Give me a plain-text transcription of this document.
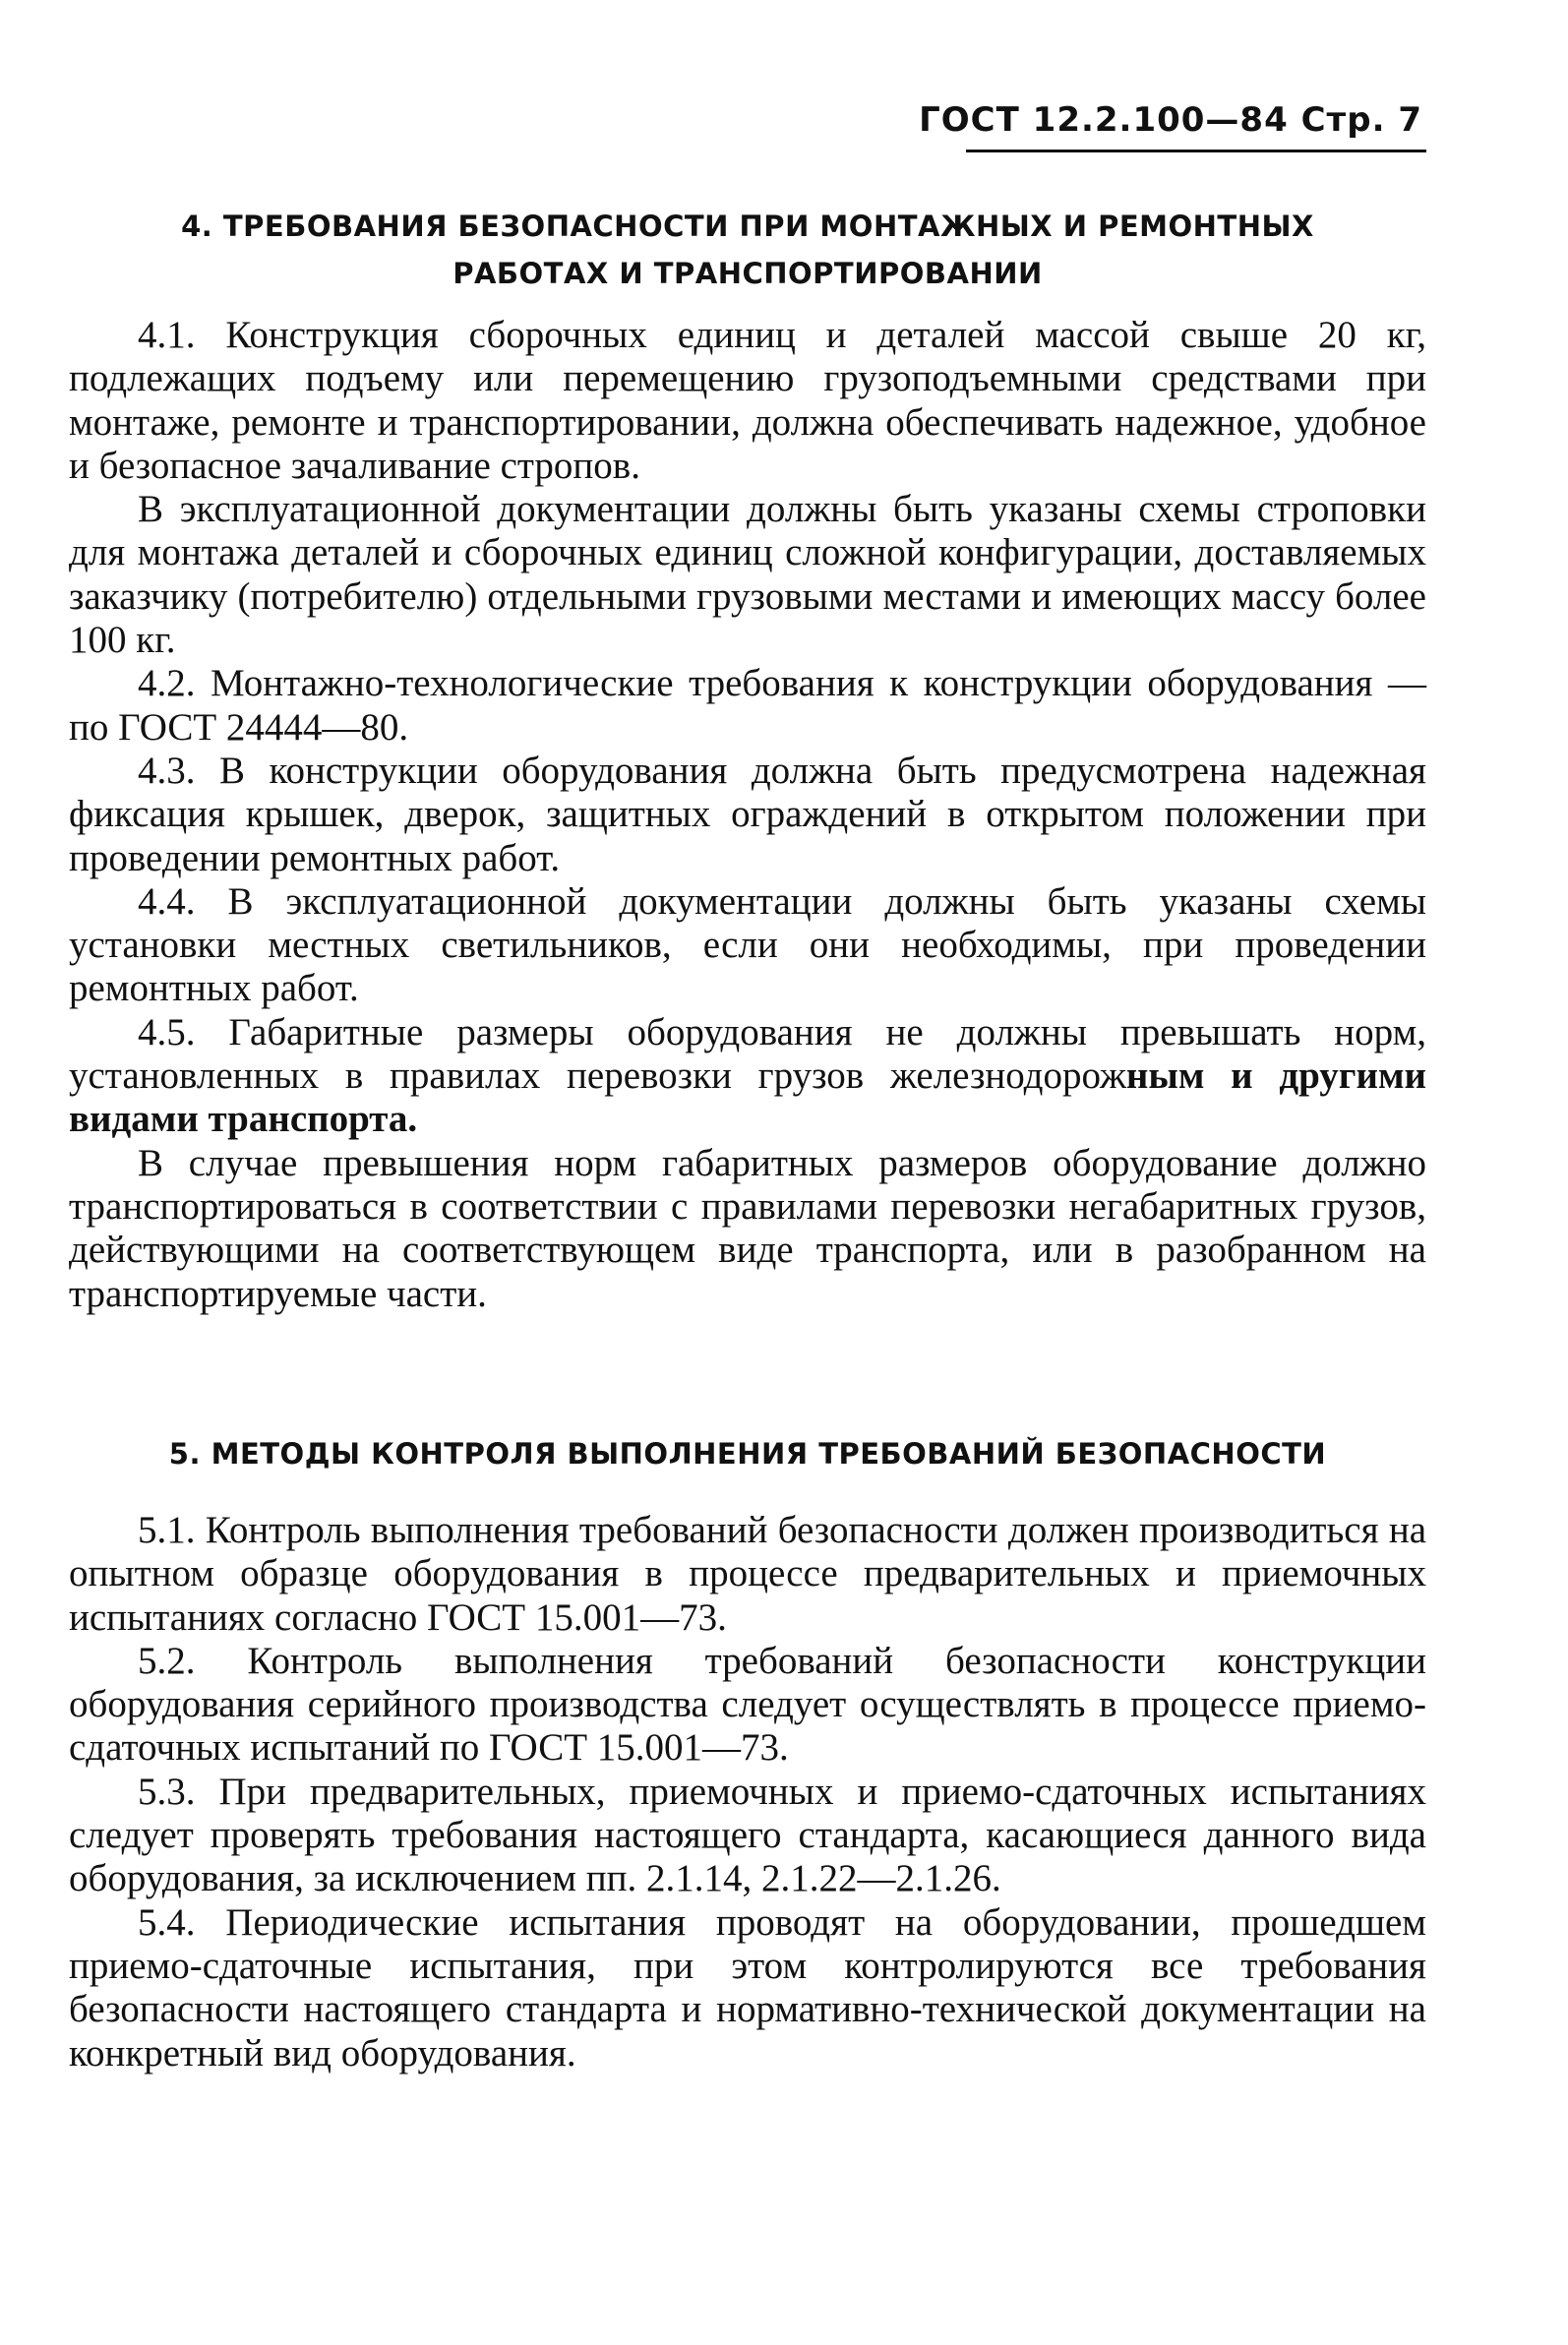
ГОСТ 12.2.100—84 Стр. 7
4. ТРЕБОВАНИЯ БЕЗОПАСНОСТИ ПРИ МОНТАЖНЫХ И РЕМОНТНЫХ
РАБОТАХ И ТРАНСПОРТИРОВАНИИ

4.1. Конструкция сборочных единиц и деталей массой свыше 20 кг, подлежащих подъему или перемещению грузоподъемными средствами при монтаже, ремонте и транспортировании, должна обеспечивать надежное, удобное и безопасное зачаливание стропов.

В эксплуатационной документации должны быть указаны схемы строповки для монтажа деталей и сборочных единиц сложной конфигурации, доставляемых заказчику (потребителю) отдельными грузовыми местами и имеющих массу более 100 кг.

4.2. Монтажно-технологические требования к конструкции оборудования — по ГОСТ 24444—80.

4.3. В конструкции оборудования должна быть предусмотрена надежная фиксация крышек, дверок, защитных ограждений в открытом положении при проведении ремонтных работ.

4.4. В эксплуатационной документации должны быть указаны схемы установки местных светильников, если они необходимы, при проведении ремонтных работ.

4.5. Габаритные размеры оборудования не должны превышать норм, установленных в правилах перевозки грузов железнодорожным и другими видами транспорта.

В случае превышения норм габаритных размеров оборудование должно транспортироваться в соответствии с правилами перевозки негабаритных грузов, действующими на соответствующем виде транспорта, или в разобранном на транспортируемые части.

5. МЕТОДЫ КОНТРОЛЯ ВЫПОЛНЕНИЯ ТРЕБОВАНИЙ БЕЗОПАСНОСТИ

5.1. Контроль выполнения требований безопасности должен производиться на опытном образце оборудования в процессе предварительных и приемочных испытаниях согласно ГОСТ 15.001—73.

5.2. Контроль выполнения требований безопасности конструкции оборудования серийного производства следует осуществлять в процессе приемо-сдаточных испытаний по ГОСТ 15.001—73.

5.3. При предварительных, приемочных и приемо-сдаточных испытаниях следует проверять требования настоящего стандарта, касающиеся данного вида оборудования, за исключением пп. 2.1.14, 2.1.22—2.1.26.

5.4. Периодические испытания проводят на оборудовании, прошедшем приемо-сдаточные испытания, при этом контролируются все требования безопасности настоящего стандарта и нормативно-технической документации на конкретный вид оборудования.
